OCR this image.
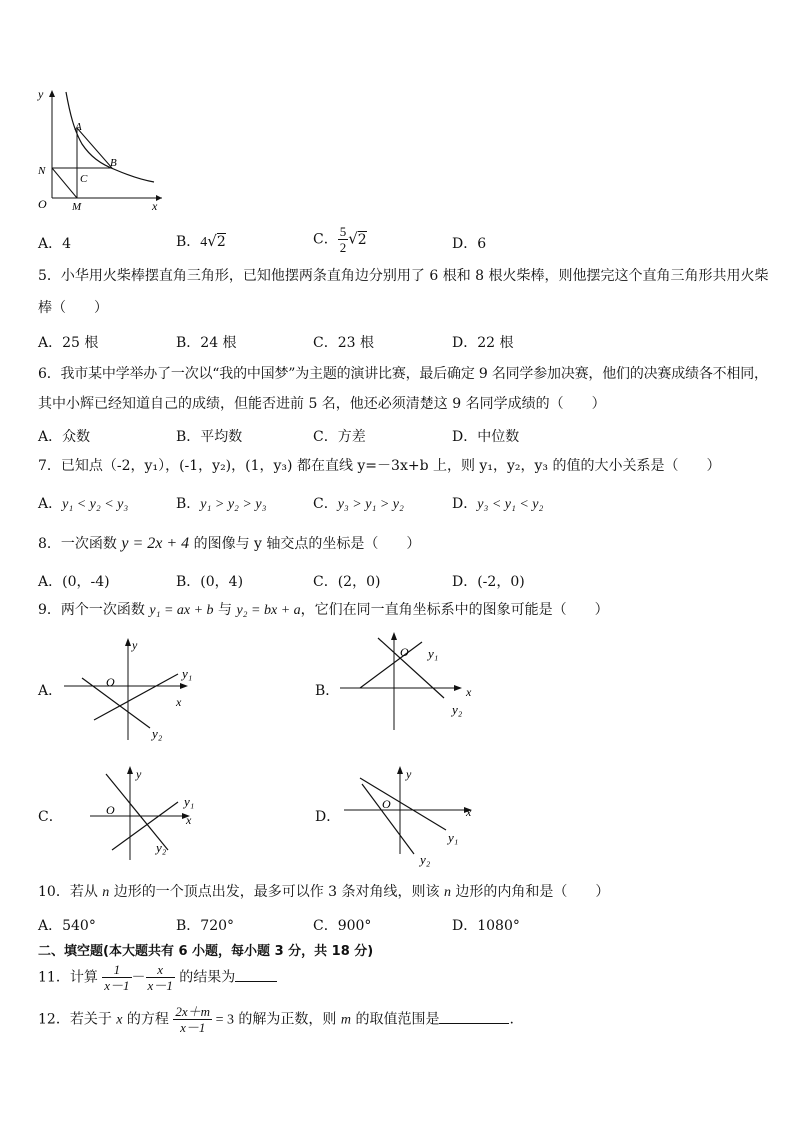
y
x
O
A
B
C
N
M
A．4	B．4√2	C． $\frac{5}{2} √2$	D．6
5．小华用火柴棒摆直角三角形，已知他摆两条直角边分别用了 6 根和 8 根火柴棒，则他摆完这个直角三角形共用火柴
棒（　　）
A．25 根	B．24 根	C．23 根	D．22 根
6．我市某中学举办了一次以“我的中国梦”为主题的演讲比赛，最后确定 9 名同学参加决赛，他们的决赛成绩各不相同，
其中小辉已经知道自己的成绩，但能否进前 5 名，他还必须清楚这 9 名同学成绩的（　　）
A．众数	B．平均数	C．方差	D．中位数
7．已知点（-2，y₁），(-1，y₂)，(1，y₃) 都在直线 y=－3x+b 上，则 y₁，y₂，y₃ 的值的大小关系是（　　）
A．y₁ < y₂ < y₃	B．y₁ > y₂ > y₃	C．y₃ > y₁ > y₂	D．y₃ < y₁ < y₂
8．一次函数 y = 2x + 4 的图像与 y 轴交点的坐标是（　　）
A．(0，-4)	B．(0，4)	C．(2，0)	D．(-2，0)
9．两个一次函数 y₁ = ax + b 与 y₂ = bx + a，它们在同一直角坐标系中的图象可能是（　　）
A．
y
O
x
y₁
y₂
B．
O
x
y₁
y₂
C．
y
O
x
y₁
y₂
D．
y
O
x
y₁
y₂
10．若从 n 边形的一个顶点出发，最多可以作 3 条对角线，则该 n 边形的内角和是（　　）
A．540°	B．720°	C．900°	D．1080°
二、填空题(本大题共有 6 小题，每小题 3 分，共 18 分)
11．计算 $\frac{1}{x-1} - \frac{x}{x-1}$ 的结果为
12．若关于 x 的方程 $\frac{2x+m}{x-1} = 3$ 的解为正数，则 m 的取值范围是	.
